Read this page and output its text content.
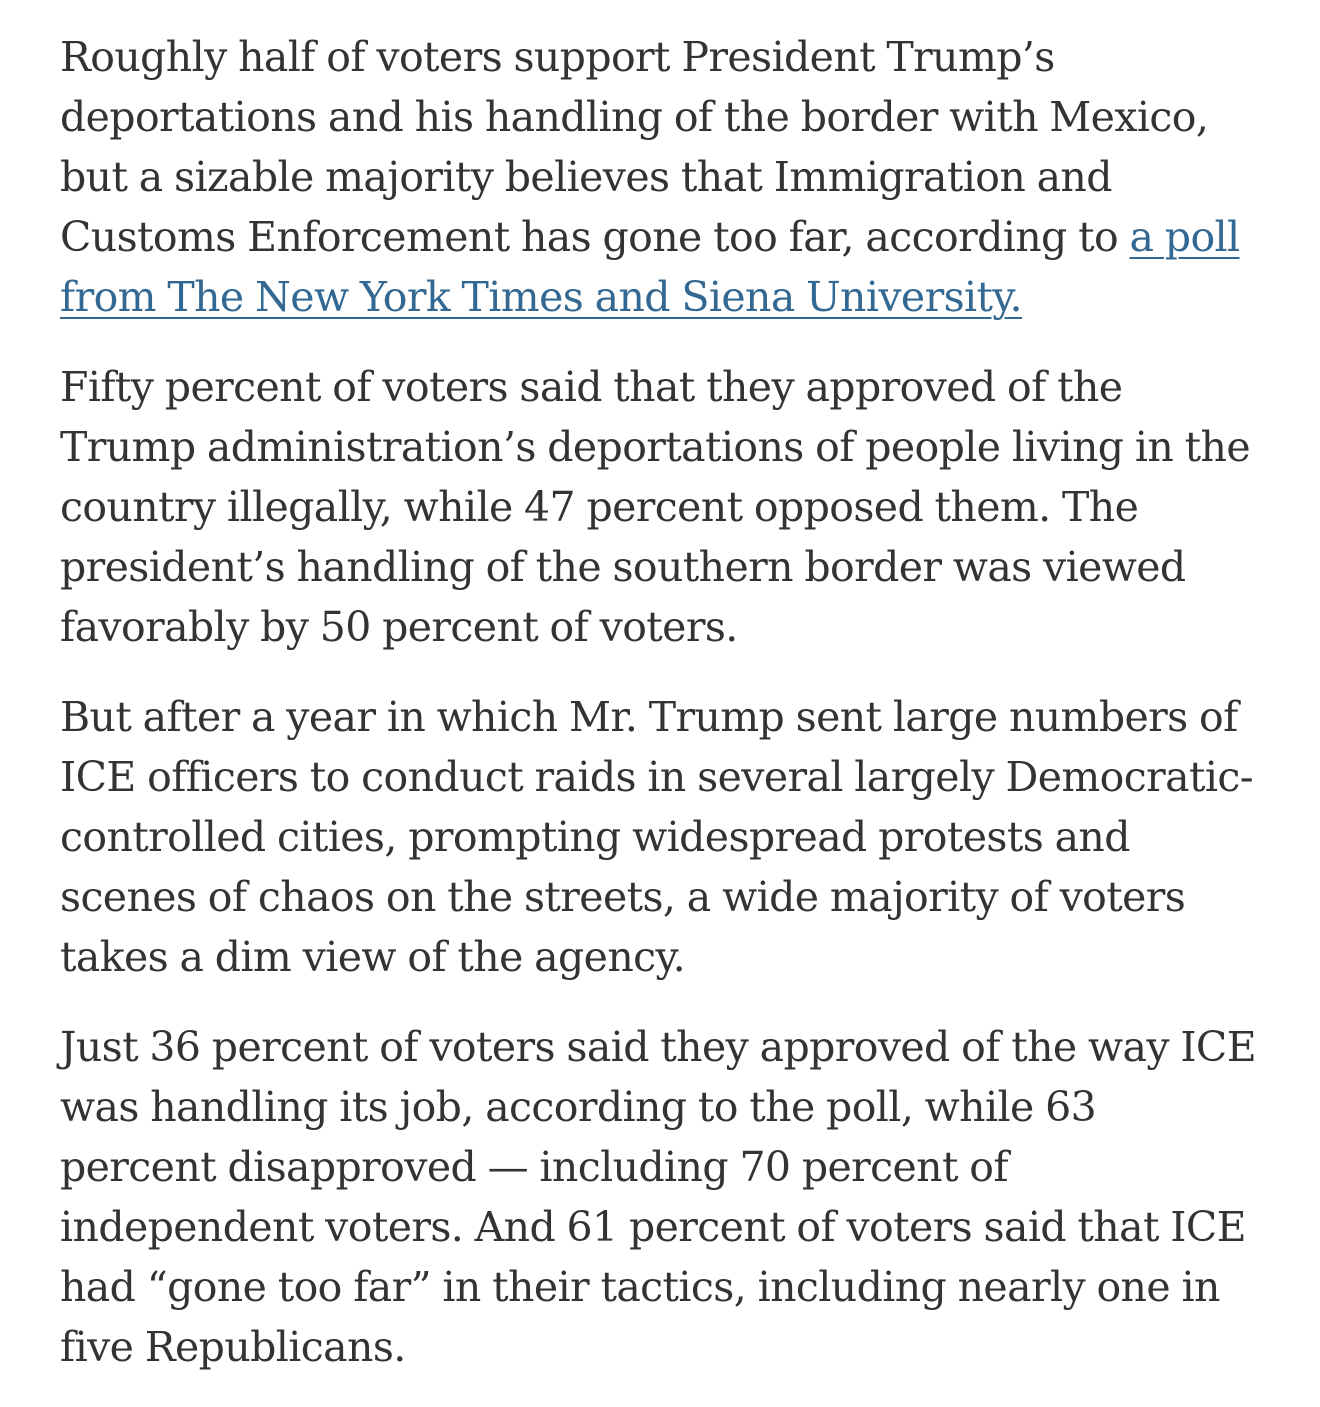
Roughly half of voters support President Trump’s deportations and his handling of the border with Mexico, but a sizable majority believes that Immigration and Customs Enforcement has gone too far, according to a poll from The New York Times and Siena University.

Fifty percent of voters said that they approved of the Trump administration’s deportations of people living in the country illegally, while 47 percent opposed them. The president’s handling of the southern border was viewed favorably by 50 percent of voters.

But after a year in which Mr. Trump sent large numbers of ICE officers to conduct raids in several largely Democratic-controlled cities, prompting widespread protests and scenes of chaos on the streets, a wide majority of voters takes a dim view of the agency.

Just 36 percent of voters said they approved of the way ICE was handling its job, according to the poll, while 63 percent disapproved — including 70 percent of independent voters. And 61 percent of voters said that ICE had “gone too far” in their tactics, including nearly one in five Republicans.
